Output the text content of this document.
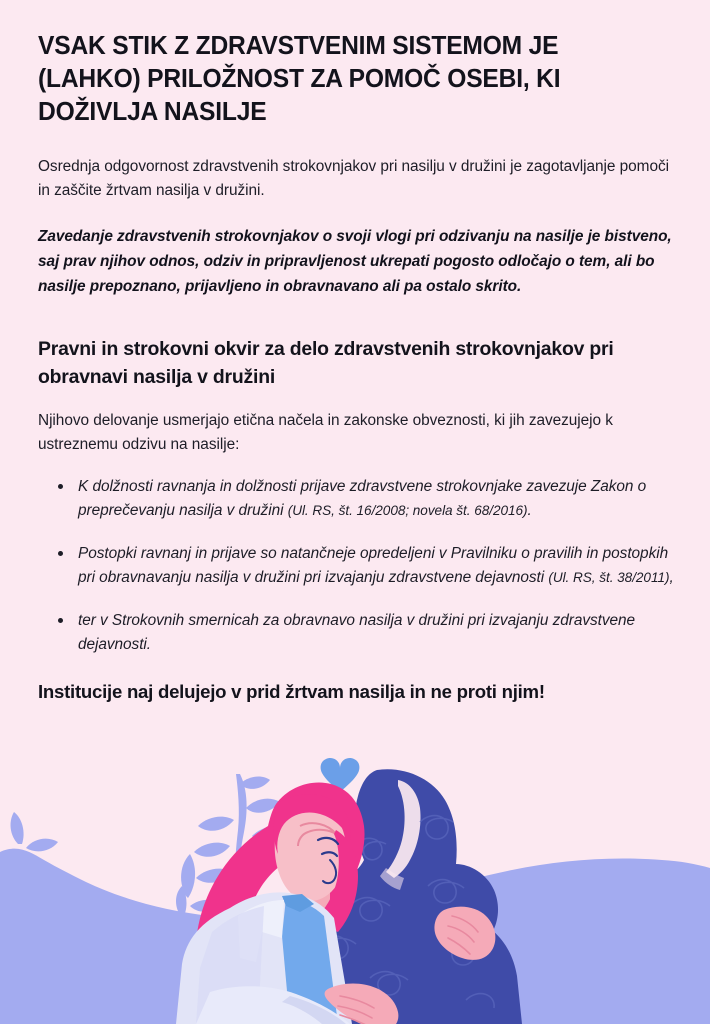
VSAK STIK Z ZDRAVSTVENIM SISTEMOM JE (LAHKO) PRILOŽNOST ZA POMOČ OSEBI, KI DOŽIVLJA NASILJE

Osrednja odgovornost zdravstvenih strokovnjakov pri nasilju v družini je zagotavljanje pomoči in zaščite žrtvam nasilja v družini.

Zavedanje zdravstvenih strokovnjakov o svoji vlogi pri odzivanju na nasilje je bistveno, saj prav njihov odnos, odziv in pripravljenost ukrepati pogosto odločajo o tem, ali bo nasilje prepoznano, prijavljeno in obravnavano ali pa ostalo skrito.

Pravni in strokovni okvir za delo zdravstvenih strokovnjakov pri obravnavi nasilja v družini

Njihovo delovanje usmerjajo etična načela in zakonske obveznosti, ki jih zavezujejo k ustreznemu odzivu na nasilje:

K dolžnosti ravnanja in dolžnosti prijave zdravstvene strokovnjake zavezuje Zakon o preprečevanju nasilja v družini (Ul. RS, št. 16/2008; novela št. 68/2016).
Postopki ravnanj in prijave so natančneje opredeljeni v Pravilniku o pravilih in postopkih pri obravnavanju nasilja v družini pri izvajanju zdravstvene dejavnosti (Ul. RS, št. 38/2011),
ter v Strokovnih smernicah za obravnavo nasilja v družini pri izvajanju zdravstvene dejavnosti.

Institucije naj delujejo v prid žrtvam nasilja in ne proti njim!
